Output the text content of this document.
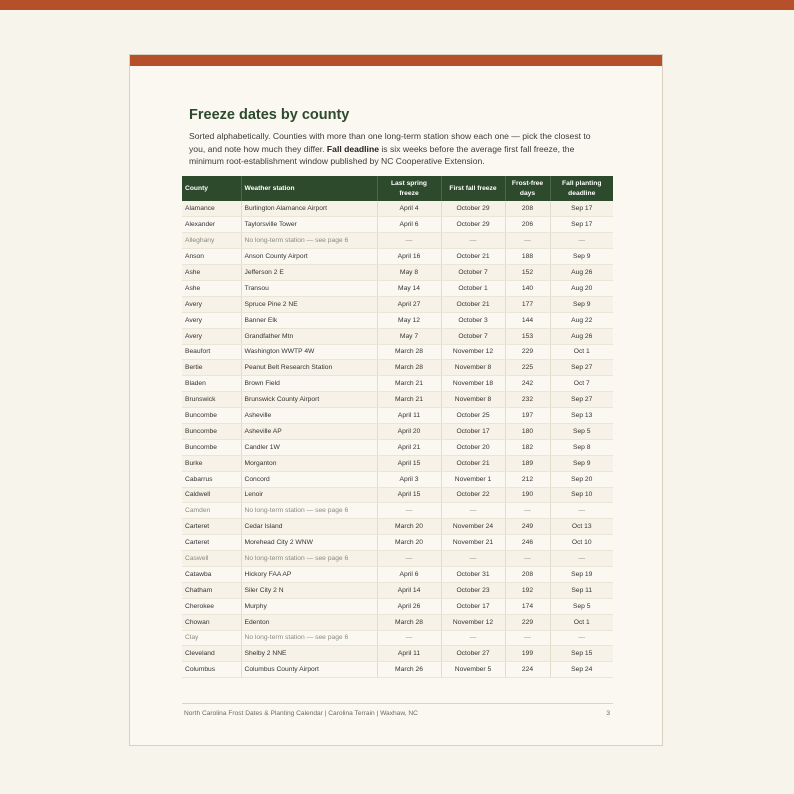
Freeze dates by county

Sorted alphabetically. Counties with more than one long-term station show each one — pick the closest to you, and note how much they differ. Fall deadline is six weeks before the average first fall freeze, the minimum root-establishment window published by NC Cooperative Extension.

County	Weather station	Last spring freeze	First fall freeze	Frost-free days	Fall planting deadline
Alamance	Burlington Alamance Airport	April 4	October 29	208	Sep 17
Alexander	Taylorsville Tower	April 6	October 29	206	Sep 17
Alleghany	No long-term station — see page 6	—	—	—	—
Anson	Anson County Airport	April 16	October 21	188	Sep 9
Ashe	Jefferson 2 E	May 8	October 7	152	Aug 26
Ashe	Transou	May 14	October 1	140	Aug 20
Avery	Spruce Pine 2 NE	April 27	October 21	177	Sep 9
Avery	Banner Elk	May 12	October 3	144	Aug 22
Avery	Grandfather Mtn	May 7	October 7	153	Aug 26
Beaufort	Washington WWTP 4W	March 28	November 12	229	Oct 1
Bertie	Peanut Belt Research Station	March 28	November 8	225	Sep 27
Bladen	Brown Field	March 21	November 18	242	Oct 7
Brunswick	Brunswick County Airport	March 21	November 8	232	Sep 27
Buncombe	Asheville	April 11	October 25	197	Sep 13
Buncombe	Asheville AP	April 20	October 17	180	Sep 5
Buncombe	Candler 1W	April 21	October 20	182	Sep 8
Burke	Morganton	April 15	October 21	189	Sep 9
Cabarrus	Concord	April 3	November 1	212	Sep 20
Caldwell	Lenoir	April 15	October 22	190	Sep 10
Camden	No long-term station — see page 6	—	—	—	—
Carteret	Cedar Island	March 20	November 24	249	Oct 13
Carteret	Morehead City 2 WNW	March 20	November 21	246	Oct 10
Caswell	No long-term station — see page 6	—	—	—	—
Catawba	Hickory FAA AP	April 6	October 31	208	Sep 19
Chatham	Siler City 2 N	April 14	October 23	192	Sep 11
Cherokee	Murphy	April 26	October 17	174	Sep 5
Chowan	Edenton	March 28	November 12	229	Oct 1
Clay	No long-term station — see page 6	—	—	—	—
Cleveland	Shelby 2 NNE	April 11	October 27	199	Sep 15
Columbus	Columbus County Airport	March 26	November 5	224	Sep 24
North Carolina Frost Dates & Planting Calendar | Carolina Terrain | Waxhaw, NC	3
